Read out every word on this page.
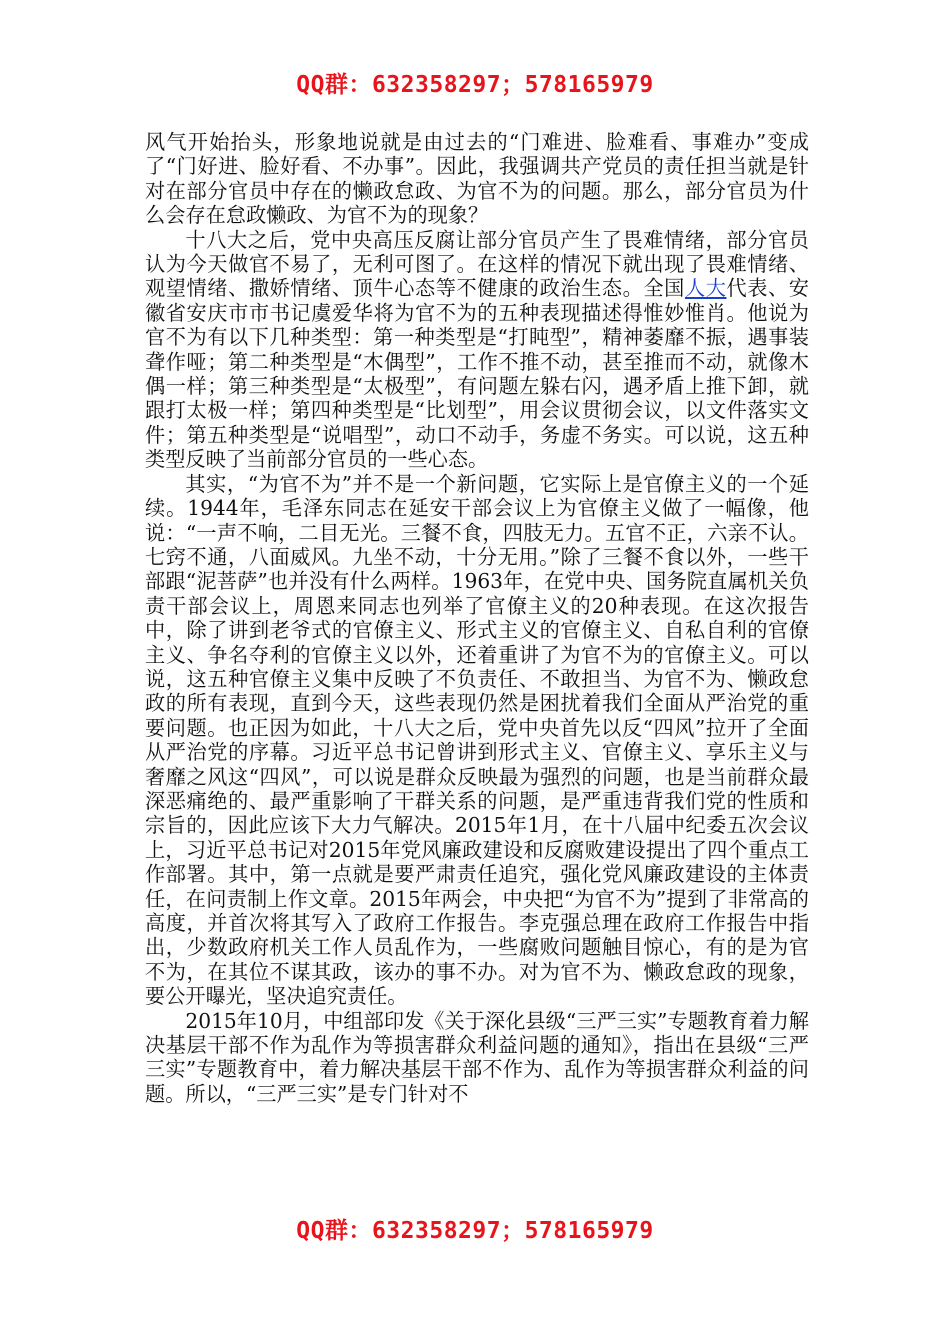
QQ群：632358297；578165979

风气开始抬头，形象地说就是由过去的“门难进、脸难看、事难办”变成了“门好进、脸好看、不办事”。因此，我强调共产党员的责任担当就是针对在部分官员中存在的懒政怠政、为官不为的问题。那么，部分官员为什么会存在怠政懒政、为官不为的现象？

十八大之后，党中央高压反腐让部分官员产生了畏难情绪，部分官员认为今天做官不易了，无利可图了。在这样的情况下就出现了畏难情绪、观望情绪、撒娇情绪、顶牛心态等不健康的政治生态。全国人大代表、安徽省安庆市市书记虞爱华将为官不为的五种表现描述得惟妙惟肖。他说为官不为有以下几种类型：第一种类型是“打盹型”，精神萎靡不振，遇事装聋作哑；第二种类型是“木偶型”，工作不推不动，甚至推而不动，就像木偶一样；第三种类型是“太极型”，有问题左躲右闪，遇矛盾上推下卸，就跟打太极一样；第四种类型是“比划型”，用会议贯彻会议，以文件落实文件；第五种类型是“说唱型”，动口不动手，务虚不务实。可以说，这五种类型反映了当前部分官员的一些心态。

其实，“为官不为”并不是一个新问题，它实际上是官僚主义的一个延续。1944年，毛泽东同志在延安干部会议上为官僚主义做了一幅像，他说：“一声不响，二目无光。三餐不食，四肢无力。五官不正，六亲不认。七窍不通，八面威风。九坐不动，十分无用。”除了三餐不食以外，一些干部跟“泥菩萨”也并没有什么两样。1963年，在党中央、国务院直属机关负责干部会议上，周恩来同志也列举了官僚主义的20种表现。在这次报告中，除了讲到老爷式的官僚主义、形式主义的官僚主义、自私自利的官僚主义、争名夺利的官僚主义以外，还着重讲了为官不为的官僚主义。可以说，这五种官僚主义集中反映了不负责任、不敢担当、为官不为、懒政怠政的所有表现，直到今天，这些表现仍然是困扰着我们全面从严治党的重要问题。也正因为如此，十八大之后，党中央首先以反“四风”拉开了全面从严治党的序幕。习近平总书记曾讲到形式主义、官僚主义、享乐主义与奢靡之风这“四风”，可以说是群众反映最为强烈的问题，也是当前群众最深恶痛绝的、最严重影响了干群关系的问题，是严重违背我们党的性质和宗旨的，因此应该下大力气解决。2015年1月，在十八届中纪委五次会议上，习近平总书记对2015年党风廉政建设和反腐败建设提出了四个重点工作部署。其中，第一点就是要严肃责任追究，强化党风廉政建设的主体责任，在问责制上作文章。2015年两会，中央把“为官不为”提到了非常高的高度，并首次将其写入了政府工作报告。李克强总理在政府工作报告中指出，少数政府机关工作人员乱作为，一些腐败问题触目惊心，有的是为官不为，在其位不谋其政，该办的事不办。对为官不为、懒政怠政的现象，要公开曝光，坚决追究责任。

2015年10月，中组部印发《关于深化县级“三严三实”专题教育着力解决基层干部不作为乱作为等损害群众利益问题的通知》，指出在县级“三严三实”专题教育中，着力解决基层干部不作为、乱作为等损害群众利益的问题。所以，“三严三实”是专门针对不

QQ群：632358297；578165979
